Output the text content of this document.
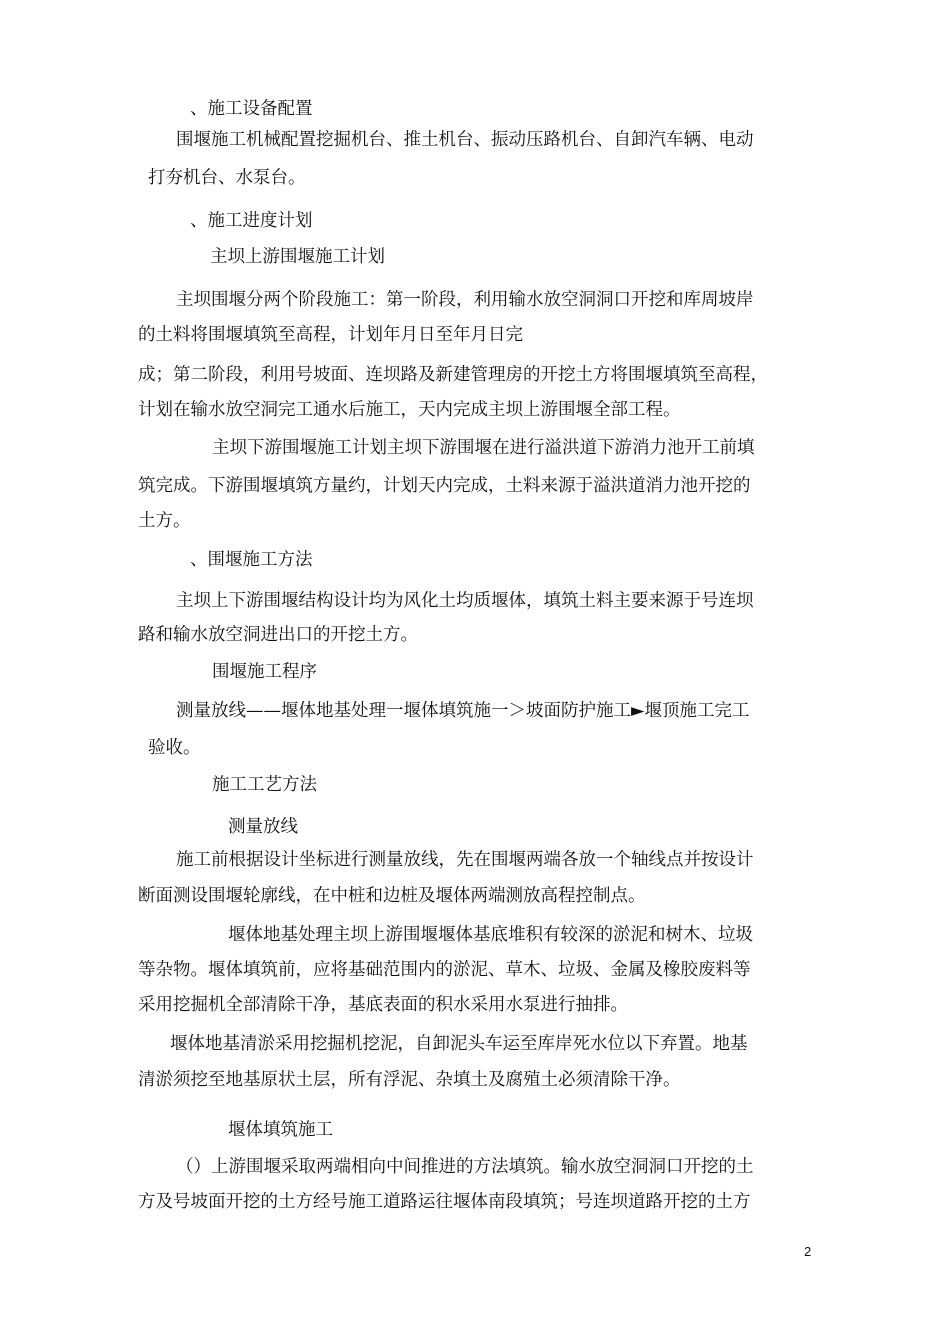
、施工设备配置
围堰施工机械配置挖掘机台、推土机台、振动压路机台、自卸汽车辆、电动
打夯机台、水泵台。
、施工进度计划
主坝上游围堰施工计划
主坝围堰分两个阶段施工：第一阶段，利用输水放空洞洞口开挖和库周坡岸
的土料将围堰填筑至高程，计划年月日至年月日完
成；第二阶段，利用号坡面、连坝路及新建管理房的开挖土方将围堰填筑至高程，
计划在输水放空洞完工通水后施工，天内完成主坝上游围堰全部工程。
主坝下游围堰施工计划主坝下游围堰在进行溢洪道下游消力池开工前填
筑完成。下游围堰填筑方量约，计划天内完成，土料来源于溢洪道消力池开挖的
土方。
、围堰施工方法
主坝上下游围堰结构设计均为风化土均质堰体，填筑土料主要来源于号连坝
路和输水放空洞进出口的开挖土方。
围堰施工程序
测量放线——堰体地基处理一堰体填筑施一＞坡面防护施工►堰顶施工完工
验收。
施工工艺方法
测量放线
施工前根据设计坐标进行测量放线，先在围堰两端各放一个轴线点并按设计
断面测设围堰轮廓线，在中桩和边桩及堰体两端测放高程控制点。
堰体地基处理主坝上游围堰堰体基底堆积有较深的淤泥和树木、垃圾
等杂物。堰体填筑前，应将基础范围内的淤泥、草木、垃圾、金属及橡胶废料等
采用挖掘机全部清除干净，基底表面的积水采用水泵进行抽排。
堰体地基清淤采用挖掘机挖泥，自卸泥头车运至库岸死水位以下弃置。地基
清淤须挖至地基原状土层，所有浮泥、杂填土及腐殖土必须清除干净。
堰体填筑施工
（）上游围堰采取两端相向中间推进的方法填筑。输水放空洞洞口开挖的土
方及号坡面开挖的土方经号施工道路运往堰体南段填筑；号连坝道路开挖的土方
2
